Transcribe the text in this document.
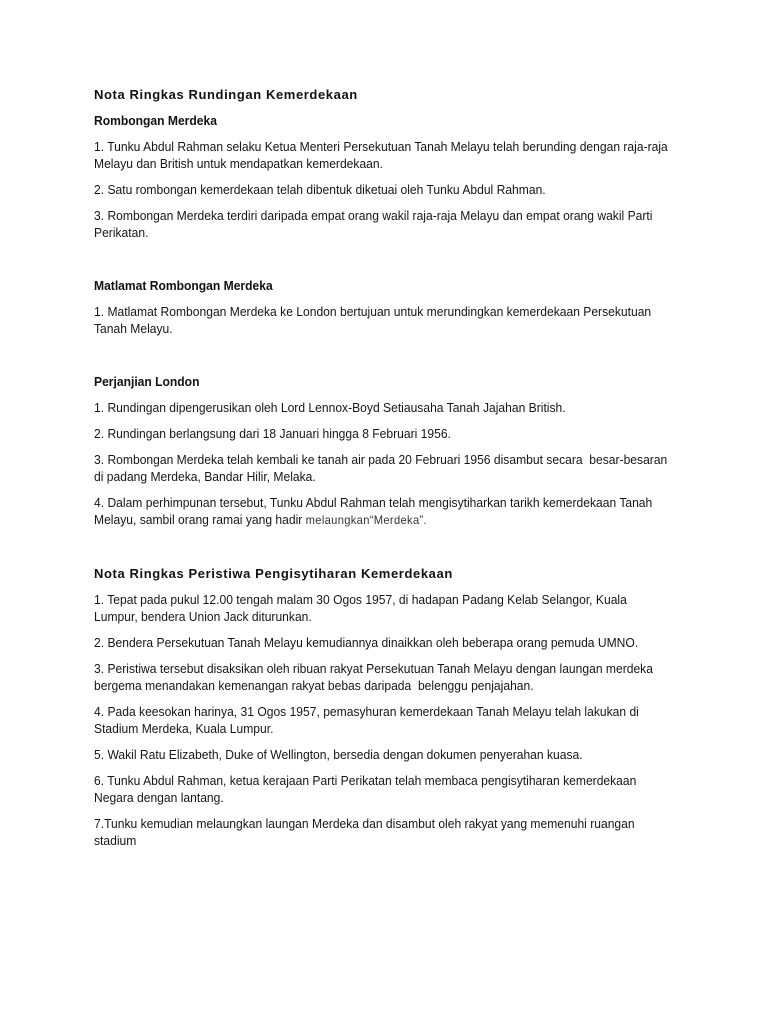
Nota Ringkas Rundingan Kemerdekaan
Rombongan Merdeka
1. Tunku Abdul Rahman selaku Ketua Menteri Persekutuan Tanah Melayu telah berunding dengan raja-raja
Melayu dan British untuk mendapatkan kemerdekaan.
2. Satu rombongan kemerdekaan telah dibentuk diketuai oleh Tunku Abdul Rahman.
3. Rombongan Merdeka terdiri daripada empat orang wakil raja-raja Melayu dan empat orang wakil Parti
Perikatan.
Matlamat Rombongan Merdeka
1. Matlamat Rombongan Merdeka ke London bertujuan untuk merundingkan kemerdekaan Persekutuan
Tanah Melayu.
Perjanjian London
1. Rundingan dipengerusikan oleh Lord Lennox-Boyd Setiausaha Tanah Jajahan British.
2. Rundingan berlangsung dari 18 Januari hingga 8 Februari 1956.
3. Rombongan Merdeka telah kembali ke tanah air pada 20 Februari 1956 disambut secara  besar-besaran
di padang Merdeka, Bandar Hilir, Melaka.
4. Dalam perhimpunan tersebut, Tunku Abdul Rahman telah mengisytiharkan tarikh kemerdekaan Tanah
Melayu, sambil orang ramai yang hadir melaungkan“Merdeka”.
Nota Ringkas Peristiwa Pengisytiharan Kemerdekaan
1. Tepat pada pukul 12.00 tengah malam 30 Ogos 1957, di hadapan Padang Kelab Selangor, Kuala
Lumpur, bendera Union Jack diturunkan.
2. Bendera Persekutuan Tanah Melayu kemudiannya dinaikkan oleh beberapa orang pemuda UMNO.
3. Peristiwa tersebut disaksikan oleh ribuan rakyat Persekutuan Tanah Melayu dengan laungan merdeka
bergema menandakan kemenangan rakyat bebas daripada  belenggu penjajahan.
4. Pada keesokan harinya, 31 Ogos 1957, pemasyhuran kemerdekaan Tanah Melayu telah lakukan di
Stadium Merdeka, Kuala Lumpur.
5. Wakil Ratu Elizabeth, Duke of Wellington, bersedia dengan dokumen penyerahan kuasa.
6. Tunku Abdul Rahman, ketua kerajaan Parti Perikatan telah membaca pengisytiharan kemerdekaan
Negara dengan lantang.
7.Tunku kemudian melaungkan laungan Merdeka dan disambut oleh rakyat yang memenuhi ruangan
stadium
